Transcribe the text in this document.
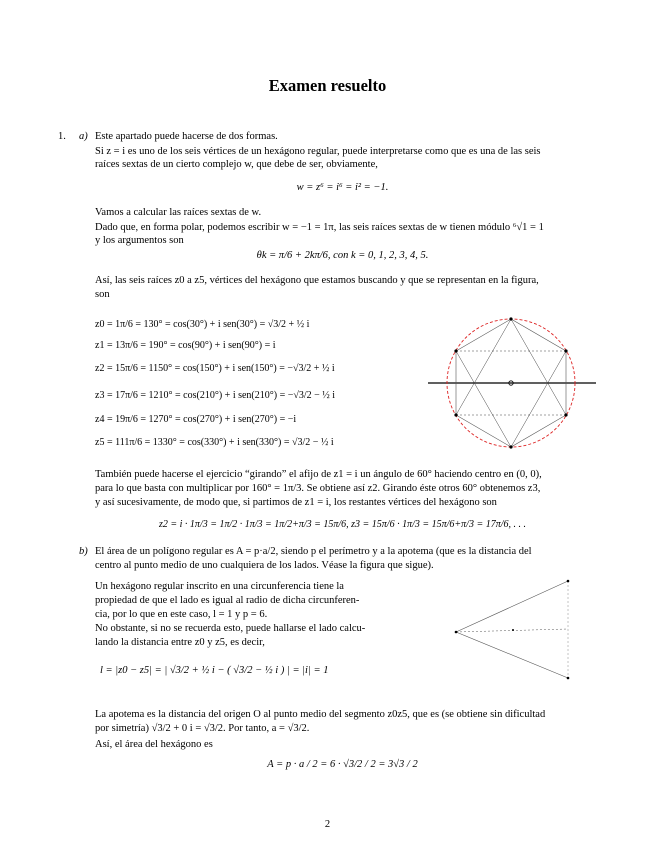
Examen resuelto
1. a) Este apartado puede hacerse de dos formas.
Si z = i es uno de los seis vértices de un hexágono regular, puede interpretarse como que es una de las seis
raíces sextas de un cierto complejo w, que debe de ser, obviamente,
w = z⁶ = i⁶ = i² = −1.
Vamos a calcular las raíces sextas de w.
Dado que, en forma polar, podemos escribir w = −1 = 1π, las seis raíces sextas de w tienen módulo ⁶√1 = 1
y los argumentos son
θk = π/6 + 2kπ/6, con k = 0, 1, 2, 3, 4, 5.
Así, las seis raíces z0 a z5, vértices del hexágono que estamos buscando y que se representan en la figura,
son
z0 = 1π/6 = 130° = cos(30°) + i sen(30°) = √3/2 + ½ i
z1 = 13π/6 = 190° = cos(90°) + i sen(90°) = i
z2 = 15π/6 = 1150° = cos(150°) + i sen(150°) = −√3/2 + ½ i
z3 = 17π/6 = 1210° = cos(210°) + i sen(210°) = −√3/2 − ½ i
z4 = 19π/6 = 1270° = cos(270°) + i sen(270°) = −i
z5 = 111π/6 = 1330° = cos(330°) + i sen(330°) = √3/2 − ½ i
También puede hacerse el ejercicio “girando” el afijo de z1 = i un ángulo de 60° haciendo centro en (0, 0),
para lo que basta con multiplicar por 160° = 1π/3. Se obtiene así z2. Girando éste otros 60° obtenemos z3,
y así sucesivamente, de modo que, si partimos de z1 = i, los restantes vértices del hexágono son
z2 = i · 1π/3 = 1π/2 · 1π/3 = 1π/2+π/3 = 15π/6, z3 = 15π/6 · 1π/3 = 15π/6+π/3 = 17π/6, . . .
b) El área de un polígono regular es A = p·a/2, siendo p el perímetro y a la apotema (que es la distancia del
centro al punto medio de uno cualquiera de los lados. Véase la figura que sigue).
Un hexágono regular inscrito en una circunferencia tiene la
propiedad de que el lado es igual al radio de dicha circunferen-
cia, por lo que en este caso, l = 1 y p = 6.
No obstante, si no se recuerda esto, puede hallarse el lado calcu-
lando la distancia entre z0 y z5, es decir,
l = |z0 − z5| = | √3/2 + ½ i − ( √3/2 − ½ i ) | = |i| = 1
La apotema es la distancia del origen O al punto medio del segmento z0z5, que es (se obtiene sin dificultad
por simetría) √3/2 + 0 i = √3/2. Por tanto, a = √3/2.
Así, el área del hexágono es
A = p · a / 2 = 6 · √3/2 / 2 = 3√3 / 2
2
